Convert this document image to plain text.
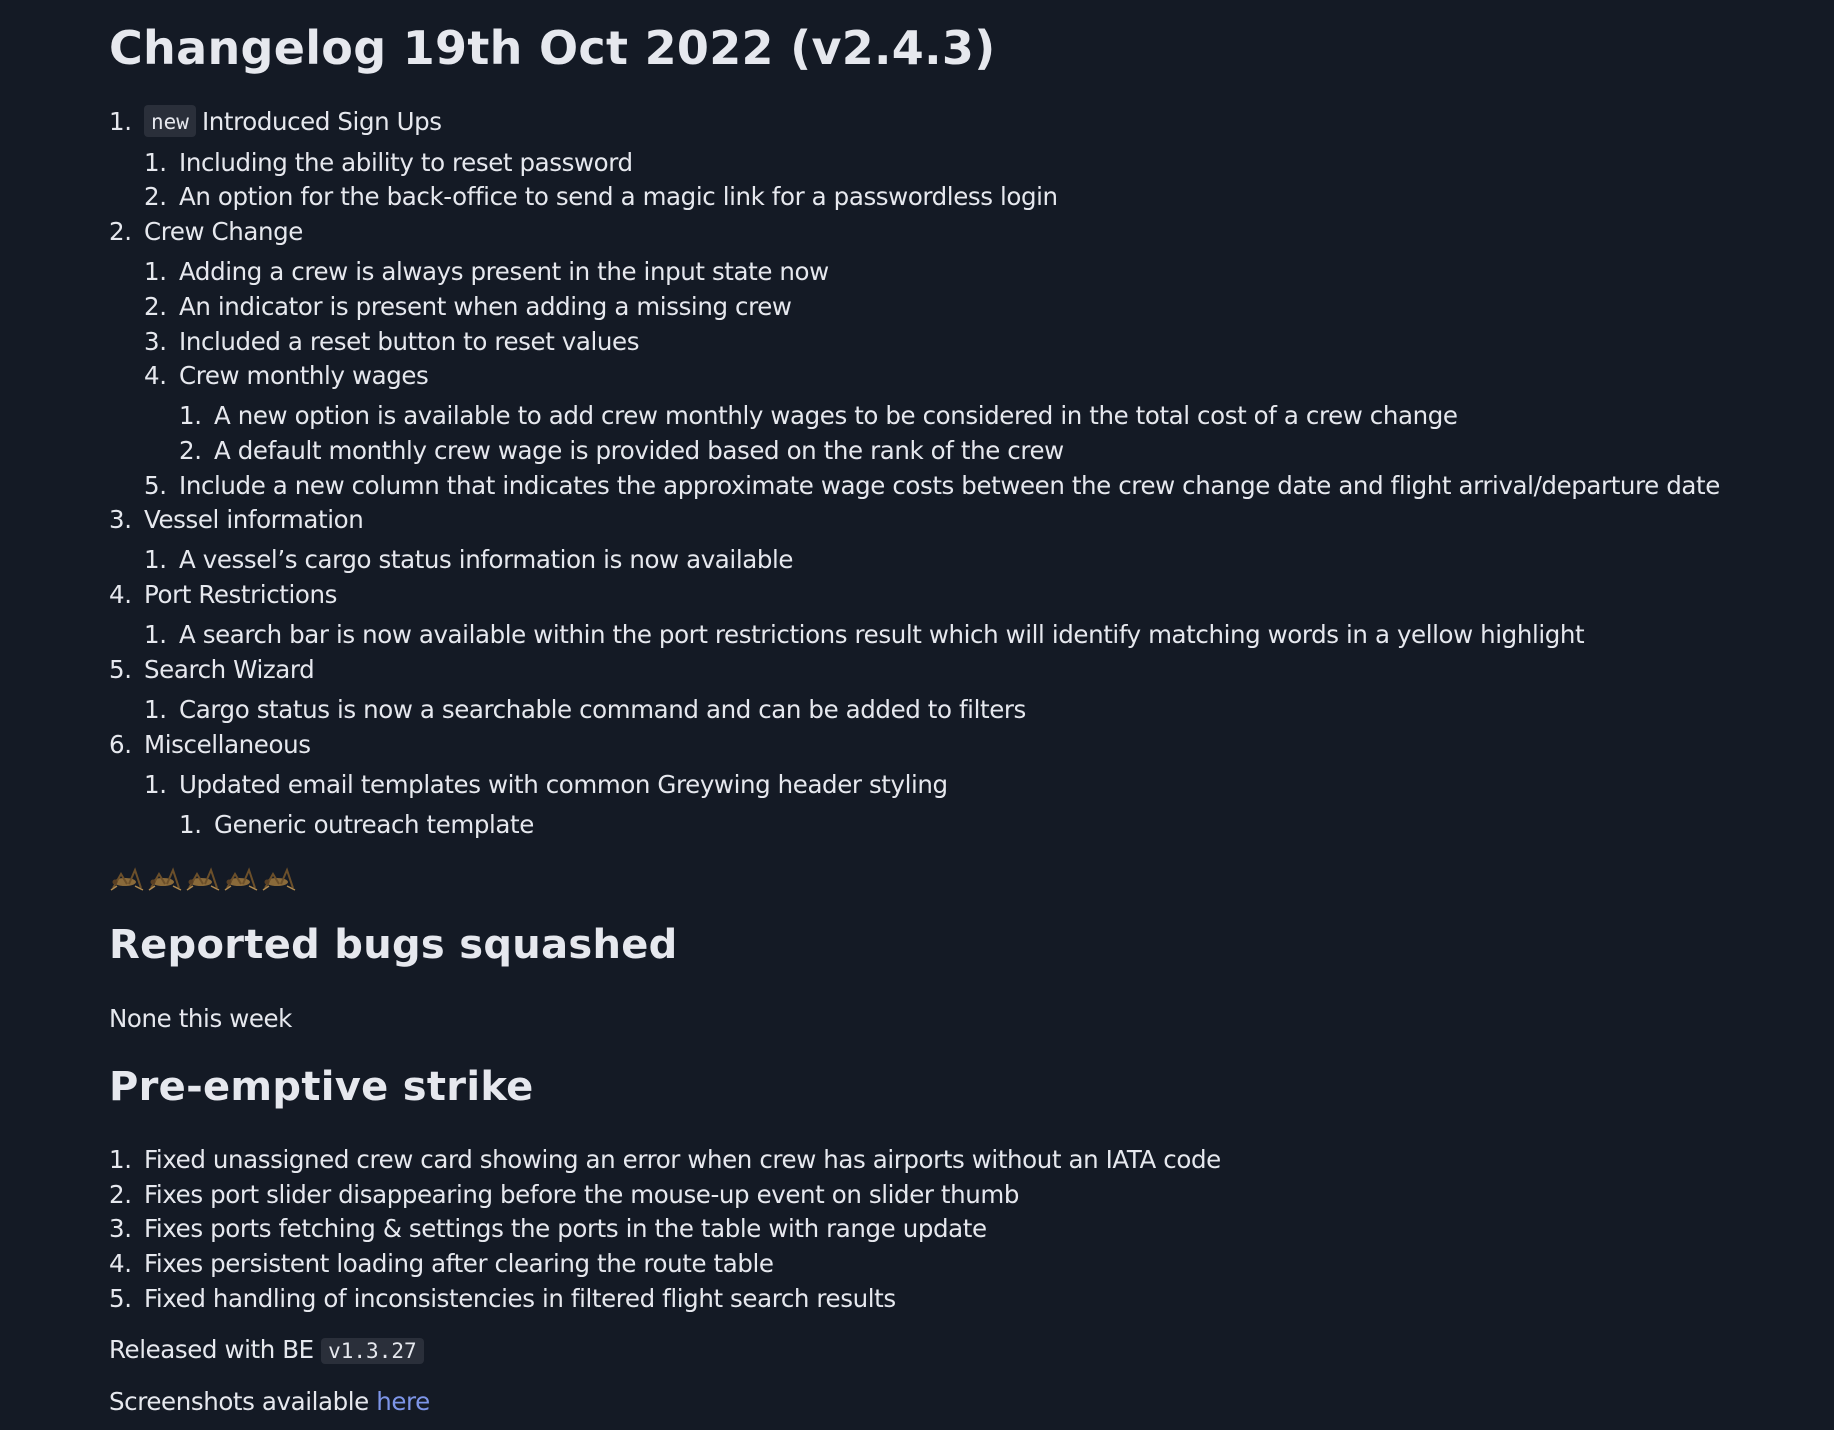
Changelog 19th Oct 2022 (v2.4.3)
1. new Introduced Sign Ups
1. Including the ability to reset password
2. An option for the back-office to send a magic link for a passwordless login
2. Crew Change
1. Adding a crew is always present in the input state now
2. An indicator is present when adding a missing crew
3. Included a reset button to reset values
4. Crew monthly wages
1. A new option is available to add crew monthly wages to be considered in the total cost of a crew change
2. A default monthly crew wage is provided based on the rank of the crew
5. Include a new column that indicates the approximate wage costs between the crew change date and flight arrival/departure date
3. Vessel information
1. A vessel’s cargo status information is now available
4. Port Restrictions
1. A search bar is now available within the port restrictions result which will identify matching words in a yellow highlight
5. Search Wizard
1. Cargo status is now a searchable command and can be added to filters
6. Miscellaneous
1. Updated email templates with common Greywing header styling
1. Generic outreach template
Reported bugs squashed
None this week
Pre-emptive strike
1. Fixed unassigned crew card showing an error when crew has airports without an IATA code
2. Fixes port slider disappearing before the mouse-up event on slider thumb
3. Fixes ports fetching & settings the ports in the table with range update
4. Fixes persistent loading after clearing the route table
5. Fixed handling of inconsistencies in filtered flight search results
Released with BE v1.3.27
Screenshots available here
